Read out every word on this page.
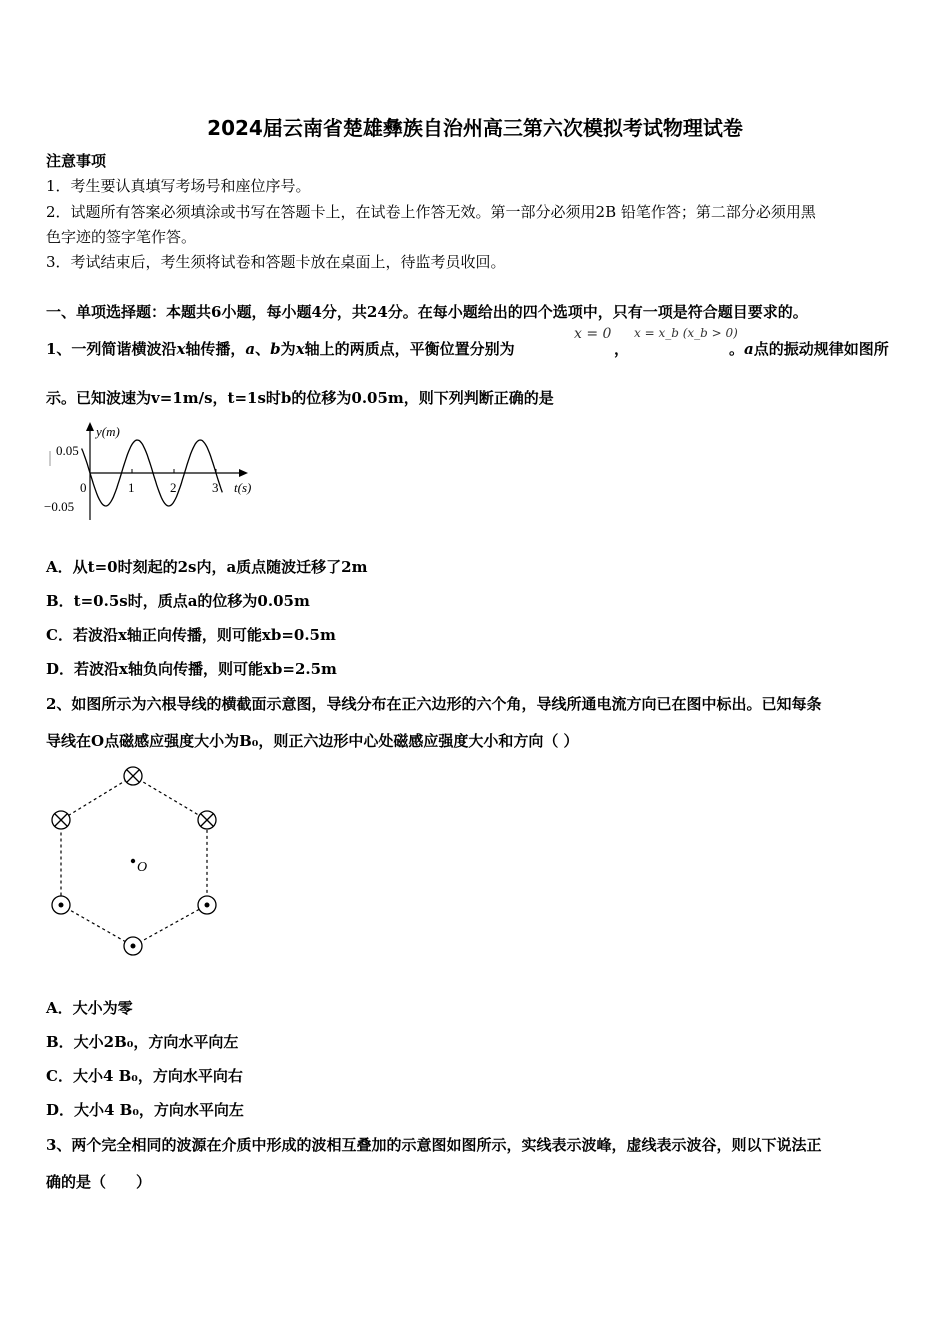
2024届云南省楚雄彝族自治州高三第六次模拟考试物理试卷
注意事项
1．考生要认真填写考场号和座位序号。
2．试题所有答案必须填涂或书写在答题卡上，在试卷上作答无效。第一部分必须用2B 铅笔作答；第二部分必须用黑
色字迹的签字笔作答。
3．考试结束后，考生须将试卷和答题卡放在桌面上，待监考员收回。
一、单项选择题：本题共6小题，每小题4分，共24分。在每小题给出的四个选项中，只有一项是符合题目要求的。
1、一列简谐横波沿x轴传播，a、b为x轴上的两质点，平衡位置分别为
x = 0
，
x = x_b (x_b > 0)
。a点的振动规律如图所
示。已知波速为v=1m/s，t=1s时b的位移为0.05m，则下列判断正确的是
y(m)
0.05
−0.05
0	1	2	3 t(s)
A．从t=0时刻起的2s内，a质点随波迁移了2m
B．t=0.5s时，质点a的位移为0.05m
C．若波沿x轴正向传播，则可能xb=0.5m
D．若波沿x轴负向传播，则可能xb=2.5m
2、如图所示为六根导线的横截面示意图，导线分布在正六边形的六个角，导线所通电流方向已在图中标出。已知每条
导线在O点磁感应强度大小为B₀，则正六边形中心处磁感应强度大小和方向（ ）
O
A．大小为零
B．大小2B₀，方向水平向左
C．大小4 B₀，方向水平向右
D．大小4 B₀，方向水平向左
3、两个完全相同的波源在介质中形成的波相互叠加的示意图如图所示，实线表示波峰，虚线表示波谷，则以下说法正
确的是（　　）
